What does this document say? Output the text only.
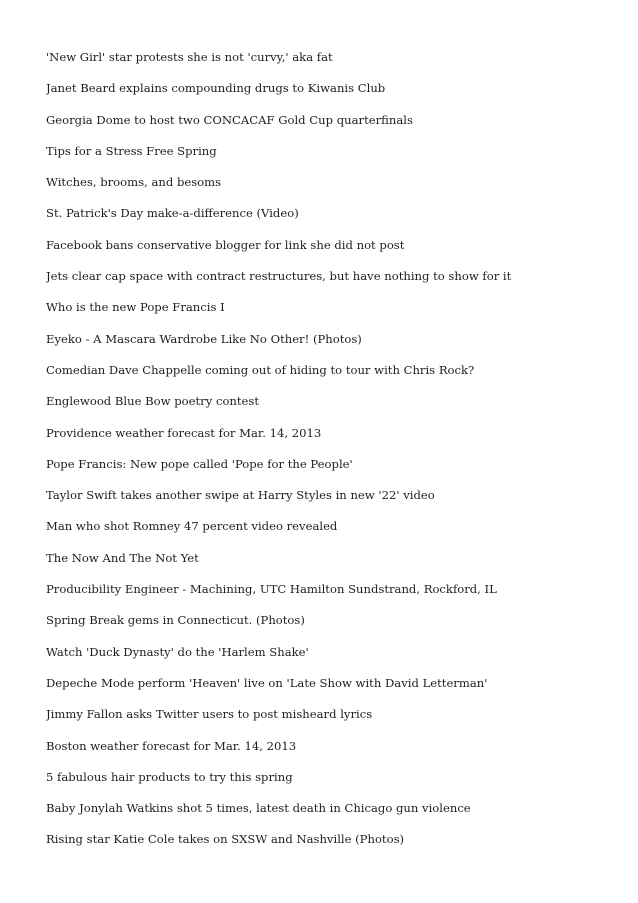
'New Girl' star protests she is not 'curvy,' aka fat
Janet Beard explains compounding drugs to Kiwanis Club
Georgia Dome to host two CONCACAF Gold Cup quarterfinals
Tips for a Stress Free Spring
Witches, brooms, and besoms
St. Patrick's Day make-a-difference (Video)
Facebook bans conservative blogger for link she did not post
Jets clear cap space with contract restructures, but have nothing to show for it
Who is the new Pope Francis I
Eyeko - A Mascara Wardrobe Like No Other! (Photos)
Comedian Dave Chappelle coming out of hiding to tour with Chris Rock?
Englewood Blue Bow poetry contest
Providence weather forecast for Mar. 14, 2013
Pope Francis: New pope called 'Pope for the People'
Taylor Swift takes another swipe at Harry Styles in new '22' video
Man who shot Romney 47 percent video revealed
The Now And The Not Yet
Producibility Engineer - Machining, UTC Hamilton Sundstrand, Rockford, IL
Spring Break gems in Connecticut. (Photos)
Watch 'Duck Dynasty' do the 'Harlem Shake'
Depeche Mode perform 'Heaven' live on 'Late Show with David Letterman'
Jimmy Fallon asks Twitter users to post misheard lyrics
Boston weather forecast for Mar. 14, 2013
5 fabulous hair products to try this spring
Baby Jonylah Watkins shot 5 times, latest death in Chicago gun violence
Rising star Katie Cole takes on SXSW and Nashville (Photos)
